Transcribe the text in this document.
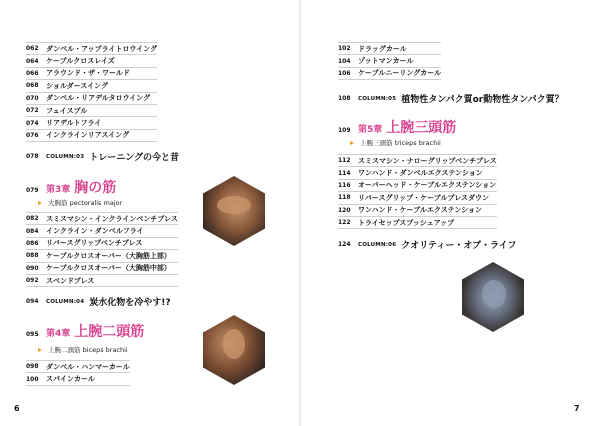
062	ダンベル・アップライトロウイング
064	ケーブルクロスレイズ
066	アラウンド・ザ・ワールド
068	ショルダースイング
070	ダンベル・リアデルタロウイング
072	フェイスプル
074	リアデルトフライ
076	インクラインリアスイング
078	COLUMN:03 トレーニングの今と昔
079 第3章 胸の筋
大胸筋 pectoralis major
082	スミスマシン・インクラインベンチプレス
084	インクライン・ダンベルフライ
086	リバースグリップベンチプレス
088	ケーブルクロスオーバー（大胸筋上部）
090	ケーブルクロスオーバー（大胸筋中部）
092	スベンドプレス
094	COLUMN:04 炭水化物を冷やす!?
095 第4章 上腕二頭筋
上腕二頭筋 biceps brachii
098	ダンベル・ハンマーカール
100	スパインカール
6
102	ドラッグカール
104	ゾットマンカール
106	ケーブルニーリングカール
108	COLUMN:05 植物性タンパク質or動物性タンパク質？
109 第5章 上腕三頭筋
上腕三頭筋 triceps brachii
112	スミスマシン・ナローグリップベンチプレス
114	ワンハンド・ダンベルエクステンション
116	オーバーヘッド・ケーブルエクステンション
118	リバースグリップ・ケーブルプレスダウン
120	ワンハンド・ケーブルエクステンション
122	トライセップスプッシュアップ
124	COLUMN:06 クオリティー・オブ・ライフ
7
